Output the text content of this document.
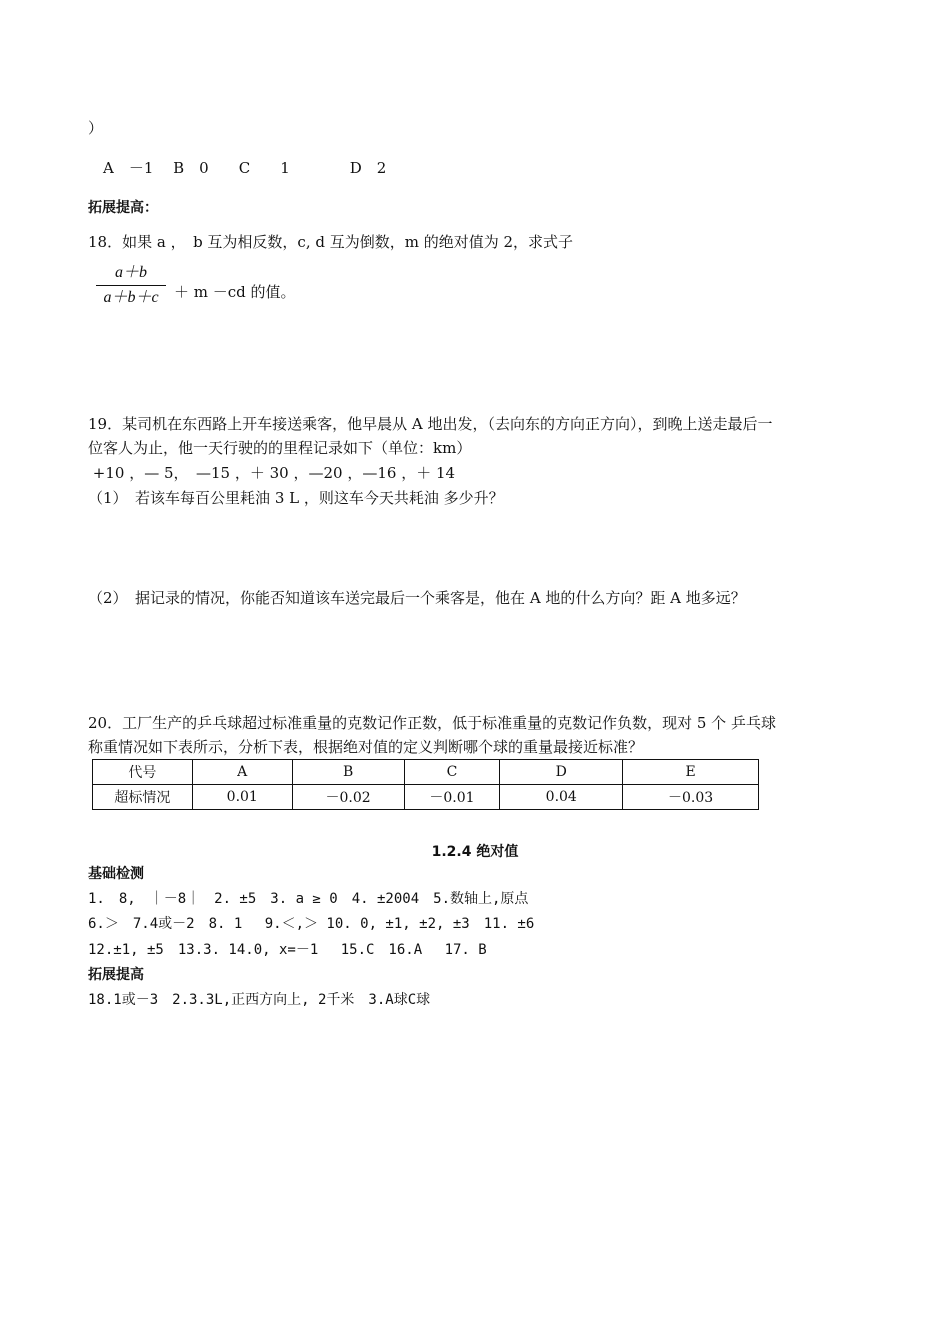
）
A　－1　 B　0　　C　　1　　　　D　2
拓展提高：
18．如果 a ，　b 互为相反数，c, d 互为倒数，m 的绝对值为 2，求式子
a＋b
a＋b＋c	＋ m －cd 的值。
19．某司机在东西路上开车接送乘客，他早晨从 A 地出发，（去向东的方向正方向），到晚上送走最后一
位客人为止，他一天行驶的的里程记录如下（单位：km）
+10 ，— 5，　—15 ，＋ 30 ，—20 ，—16 ，＋ 14
（1）　若该车每百公里耗油 3 L ，则这车今天共耗油 多少升？
（2）　据记录的情况，你能否知道该车送完最后一个乘客是，他在 A 地的什么方向？距 A 地多远？
20．工厂生产的乒乓球超过标准重量的克数记作正数，低于标准重量的克数记作负数，现对 5 个 乒乓球
称重情况如下表所示，分析下表，根据绝对值的定义判断哪个球的重量最接近标准？
代号	A	B	C	D	E
超标情况	0.01	－0.02	－0.01	0.04	－0.03
1.2.4 绝对值
基础检测
1.　8,　｜－8｜　2. ±5　3. a ≥ 0　4. ±2004　5.数轴上,原点
6.＞　7.4或－2　8. 1　 9.＜,＞ 10. 0, ±1, ±2, ±3　11. ±6
12.±1, ±5　13.3. 14.0, x=－1　 15.C　16.A　 17. B
拓展提高
18.1或－3　2.3.3L,正西方向上, 2千米　3.A球C球
